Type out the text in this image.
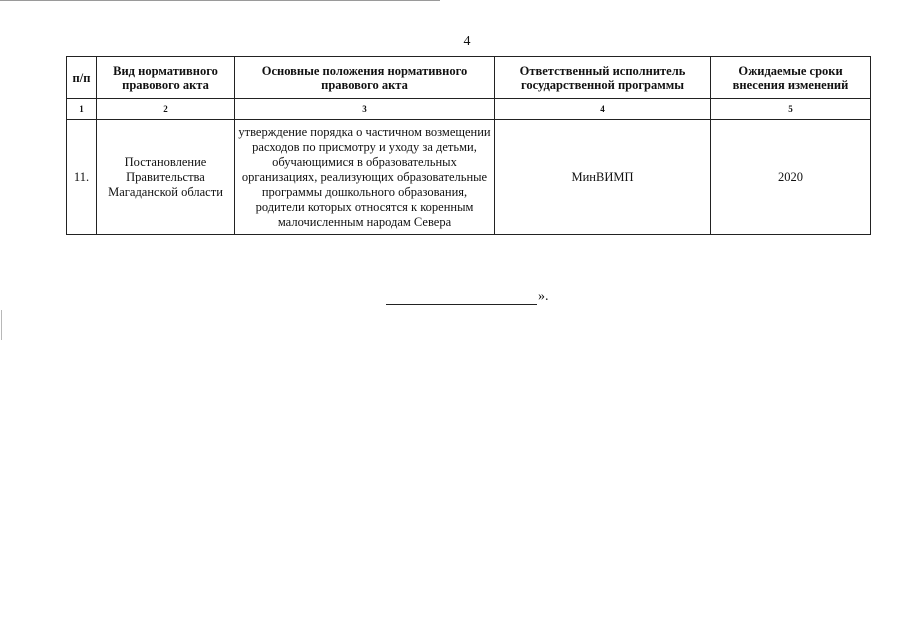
4
п/п	Вид нормативного правового акта	Основные положения нормативного правового акта	Ответственный исполнитель государственной программы	Ожидаемые сроки внесения изменений
1	2	3	4	5
11.	Постановление Правительства Магаданской области	утверждение порядка о частичном возмещении расходов по присмотру и уходу за детьми, обучающимися в образовательных организациях, реализующих образовательные программы дошкольного образования, родители которых относятся к коренным малочисленным народам Севера	МинВИМП	2020
».
